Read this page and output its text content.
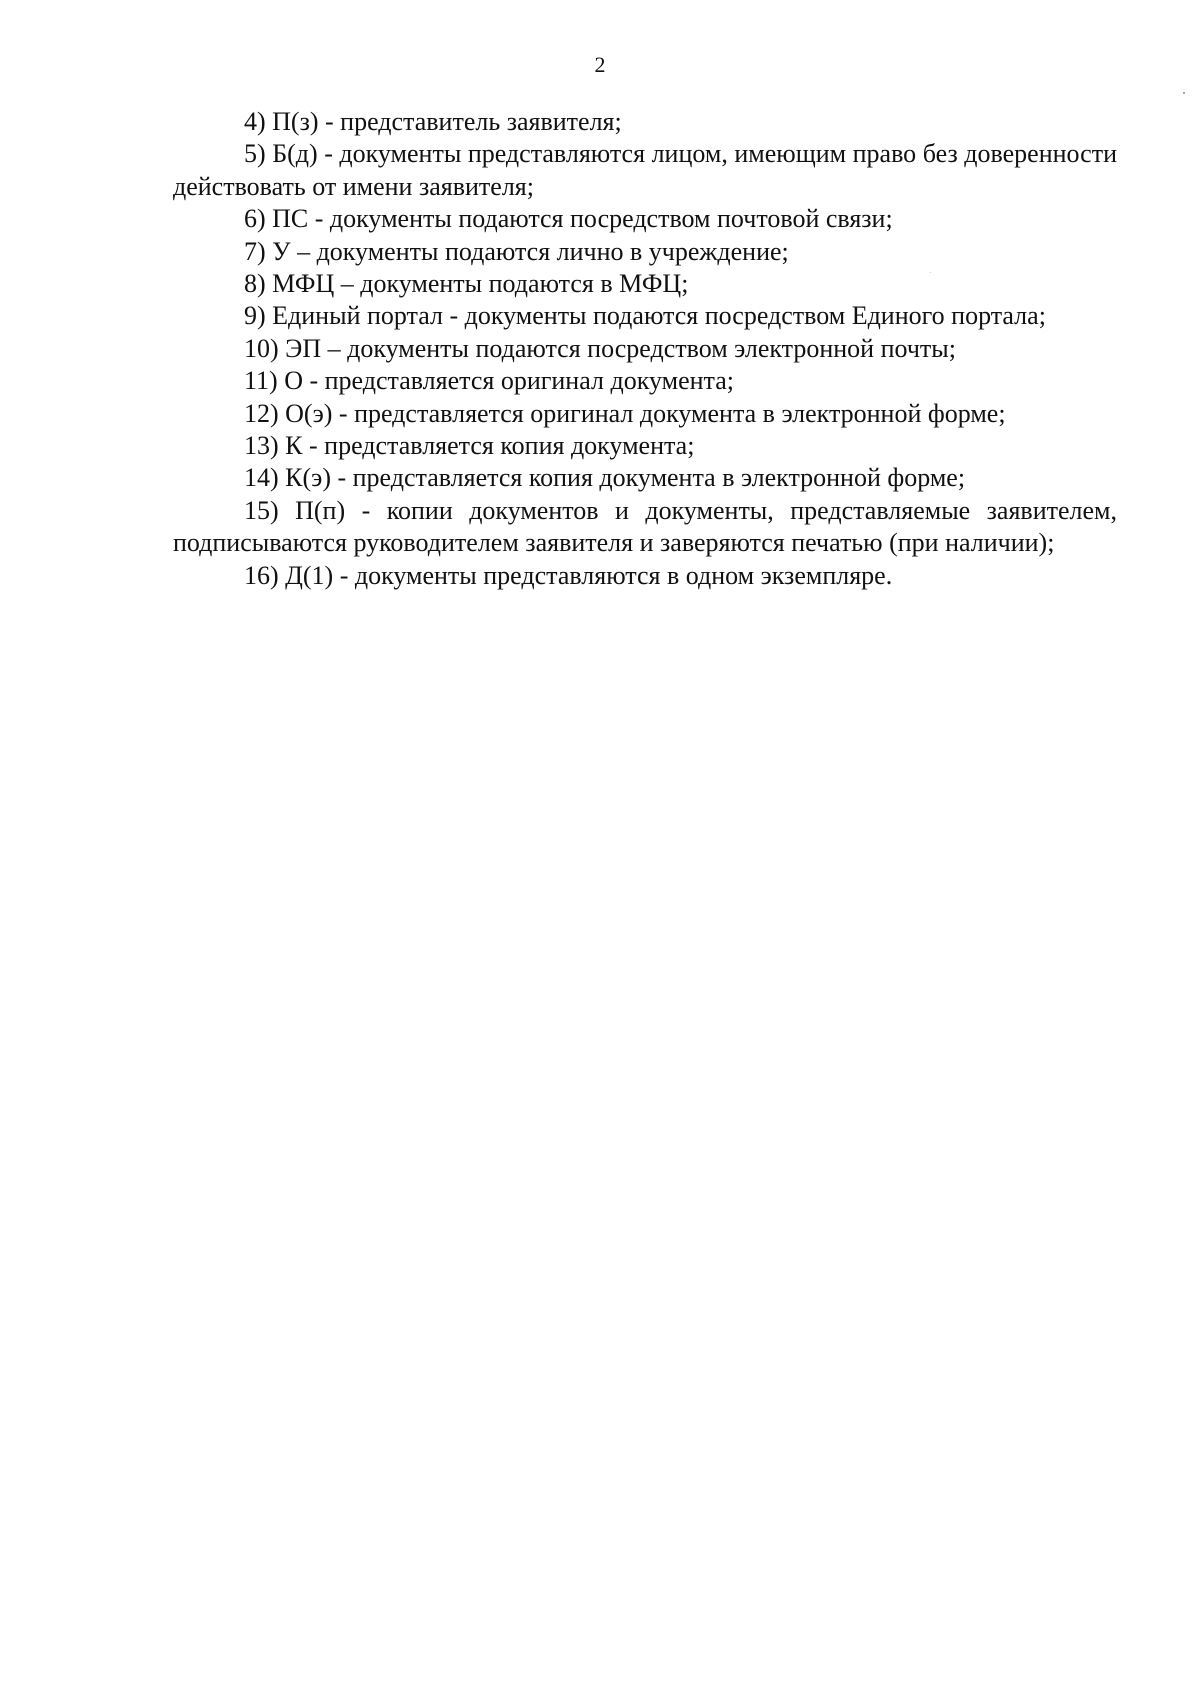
2

4) П(з) - представитель заявителя;

5) Б(д) - документы представляются лицом, имеющим право без доверенности действовать от имени заявителя;

6) ПС - документы подаются посредством почтовой связи;

7) У – документы подаются лично в учреждение;

8) МФЦ – документы подаются в МФЦ;

9) Единый портал - документы подаются посредством Единого портала;

10) ЭП – документы подаются посредством электронной почты;

11) О - представляется оригинал документа;

12) О(э) - представляется оригинал документа в электронной форме;

13) К - представляется копия документа;

14) К(э) - представляется копия документа в электронной форме;

15) П(п) - копии документов и документы, представляемые заявителем, подписываются руководителем заявителя и заверяются печатью (при наличии);

16) Д(1) - документы представляются в одном экземпляре.
